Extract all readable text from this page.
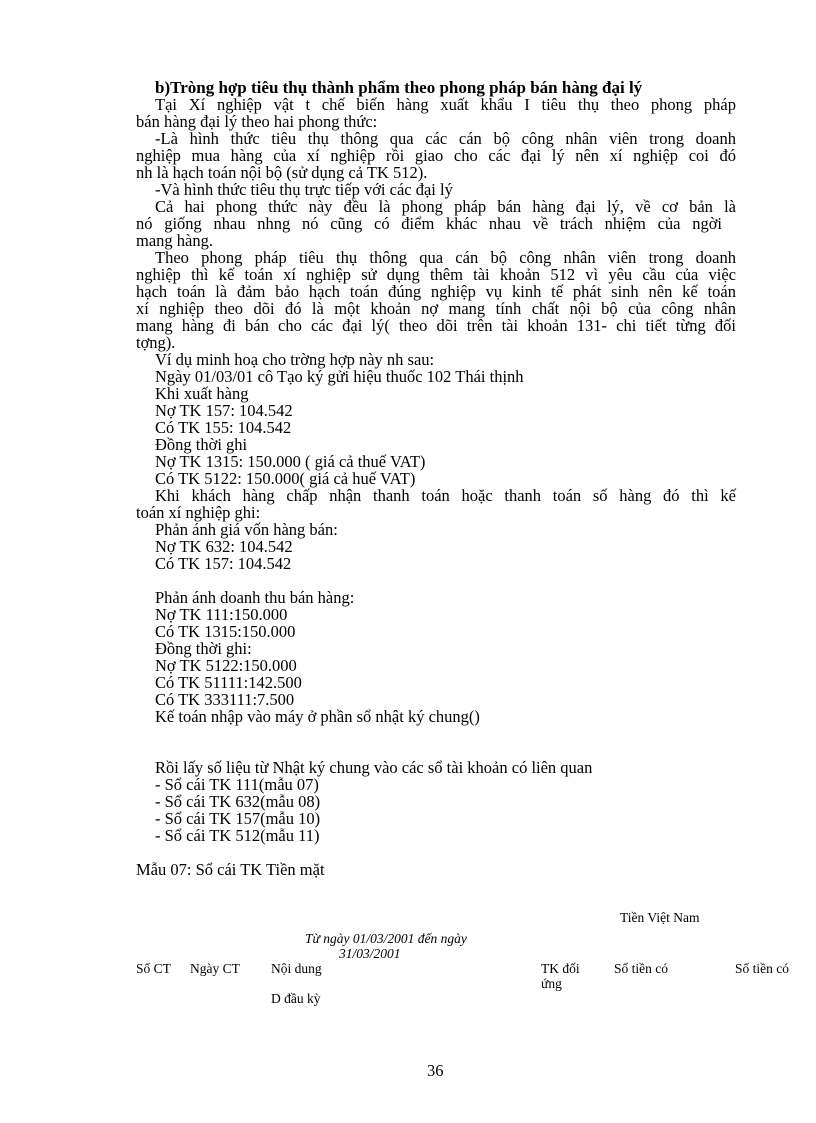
b)Tròng hợp tiêu thụ thành phẩm theo phong pháp bán hàng đại lý
Tại Xí nghiệp vật t chế biến hàng xuất khẩu I tiêu thụ theo phong pháp
bán hàng đại lý theo hai phong thức:
-Là hình thức tiêu thụ thông qua các cán bộ công nhân viên trong doanh
nghiệp mua hàng của xí nghiệp rồi giao cho các đại lý nên xí nghiệp coi đó
nh là hạch toán nội bộ (sử dụng cả TK 512).
-Và hình thức tiêu thụ trực tiếp với các đại lý
Cả hai phong thức này đều là phong pháp bán hàng đại lý, về cơ bản là
nó giống nhau nhng nó cũng có điểm khác nhau về trách nhiệm của ngời
mang hàng.
Theo phong pháp tiêu thụ thông qua cán bộ công nhân viên trong doanh
nghiệp thì kế toán xí nghiệp sử dụng thêm tài khoản 512 vì yêu cầu của việc
hạch toán là đảm bảo hạch toán đúng nghiệp vụ kinh tế phát sinh nên kế toán
xí nghiệp theo dõi đó là một khoản nợ mang tính chất nội bộ của công nhân
mang hàng đi bán cho các đại lý( theo dõi trên tài khoản 131- chi tiết từng đối
tợng).
Ví dụ minh hoạ cho trờng hợp này nh sau:
Ngày 01/03/01 cô Tạo ký gửi hiệu thuốc 102 Thái thịnh
Khi xuất hàng
Nợ TK 157: 104.542
Có TK 155: 104.542
Đồng thời ghi
Nợ TK 1315: 150.000 ( giá cả thuế VAT)
Có TK 5122: 150.000( giá cả huế VAT)
Khi khách hàng chấp nhận thanh toán hoặc thanh toán số hàng đó thì kế
toán xí nghiệp ghi:
Phản ánh giá vốn hàng bán:
Nợ TK 632: 104.542
Có TK 157: 104.542
Phản ánh doanh thu bán hàng:
Nợ TK 111:150.000
Có TK 1315:150.000
Đồng thời ghi:
Nợ TK 5122:150.000
Có TK 51111:142.500
Có TK 333111:7.500
Kế toán nhập vào máy ở phần sổ nhật ký chung()
Rồi lấy số liệu từ Nhật ký chung vào các sổ tài khoản có liên quan
- Sổ cái TK 111(mẫu 07)
- Sổ cái TK 632(mẫu 08)
- Sổ cái TK 157(mẫu 10)
- Sổ cái TK 512(mẫu 11)
Mẫu 07: Sổ cái TK Tiền mặt
Tiền Việt Nam
Từ ngày 01/03/2001 đến ngày
31/03/2001
Số CT Ngày CT Nội dung	TK đối
ứng
Số tiền có	Số tiền có
D đầu kỳ
36
